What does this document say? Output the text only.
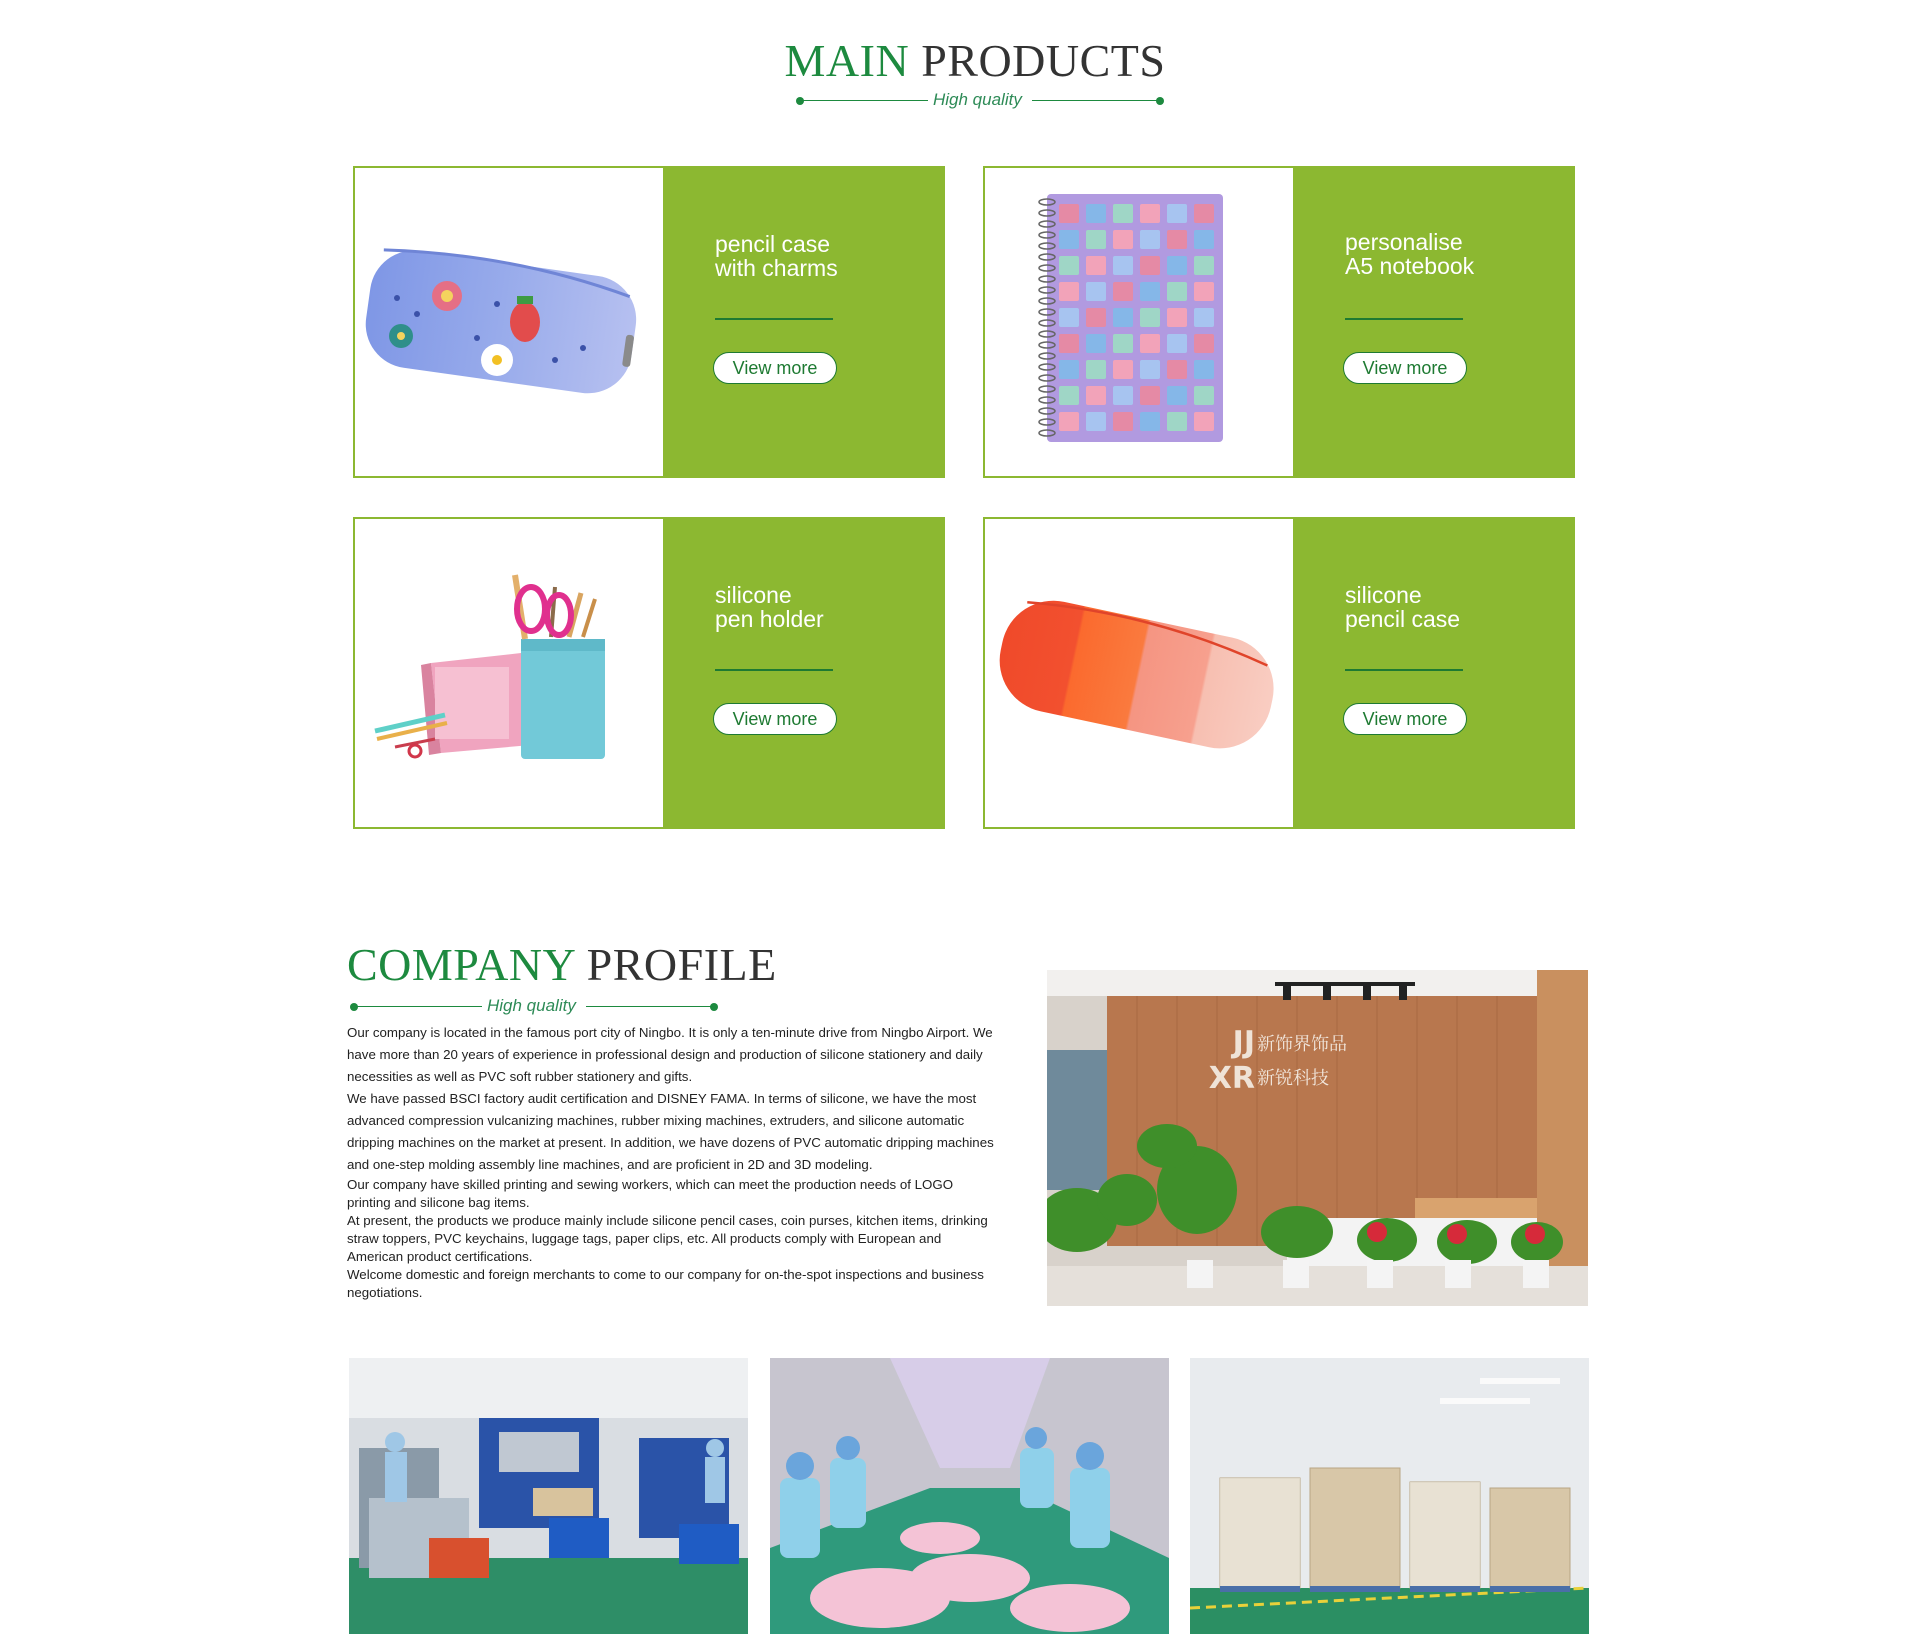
MAIN PRODUCTS
High quality
pencil case
with charms
View more
personalise
A5 notebook
View more
silicone
pen holder
View more
silicone
pencil case
View more
COMPANY PROFILE
High quality

Our company is located in the famous port city of Ningbo. It is only a ten-minute drive from Ningbo Airport. We have more than 20 years of experience in professional design and production of silicone stationery and daily necessities as well as PVC soft rubber stationery and gifts.

We have passed BSCI factory audit certification and DISNEY FAMA. In terms of silicone, we have the most advanced compression vulcanizing machines, rubber mixing machines, extruders, and silicone automatic dripping machines on the market at present. In addition, we have dozens of PVC automatic dripping machines and one-step molding assembly line machines, and are proficient in 2D and 3D modeling.

Our company have skilled printing and sewing workers, which can meet the production needs of LOGO printing and silicone bag items.

At present, the products we produce mainly include silicone pencil cases, coin purses, kitchen items, drinking straw toppers, PVC keychains, luggage tags, paper clips, etc. All products comply with European and American product certifications.

Welcome domestic and foreign merchants to come to our company for on-the-spot inspections and business negotiations.

新饰界饰品
新锐科技
JJ
XR
